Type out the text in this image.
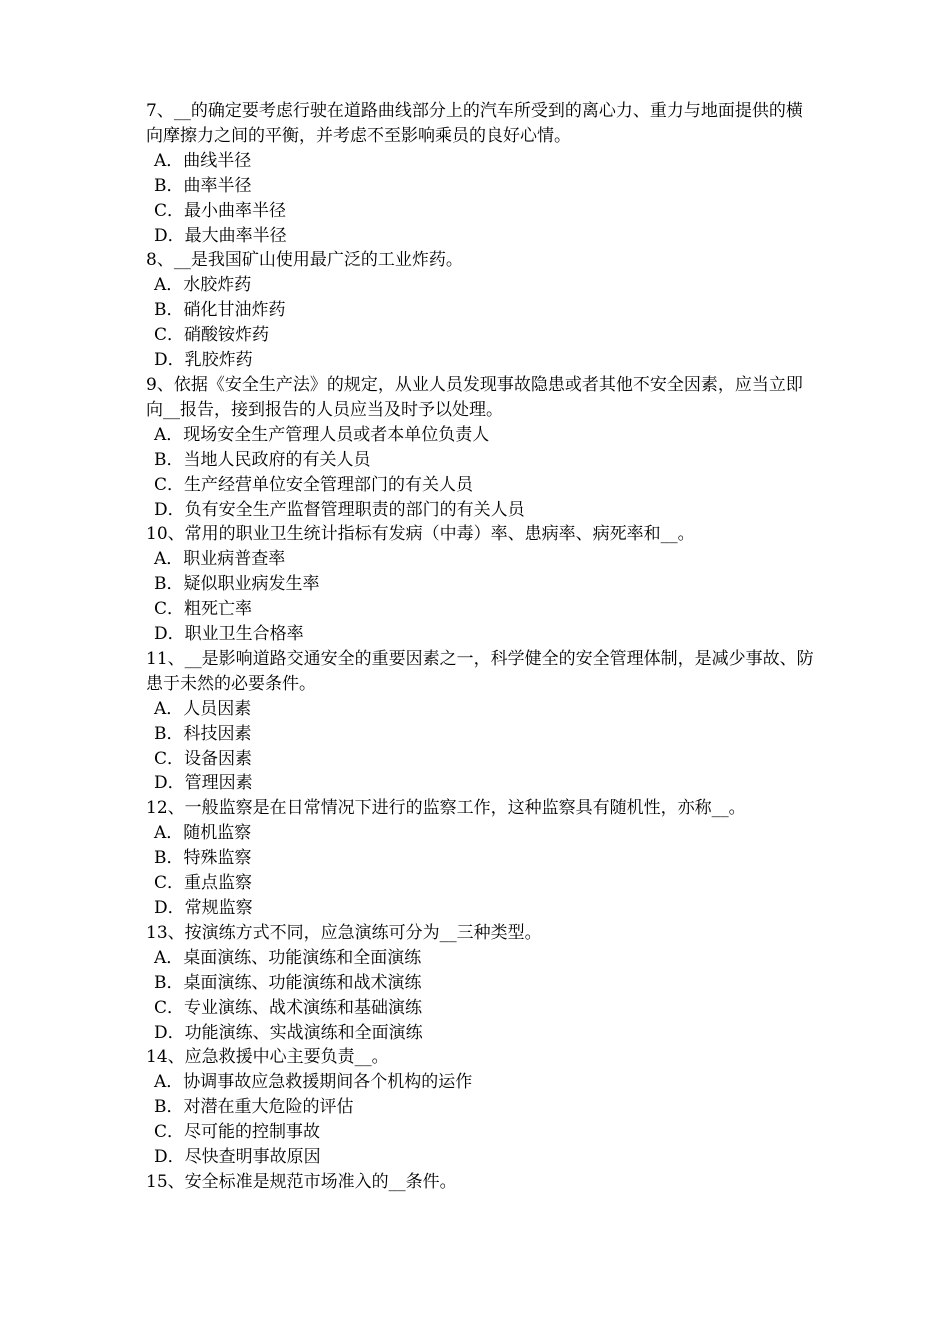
7、__的确定要考虑行驶在道路曲线部分上的汽车所受到的离心力、重力与地面提供的横向摩擦力之间的平衡，并考虑不至影响乘员的良好心情。

A．曲线半径

B．曲率半径

C．最小曲率半径

D．最大曲率半径

8、__是我国矿山使用最广泛的工业炸药。

A．水胶炸药

B．硝化甘油炸药

C．硝酸铵炸药

D．乳胶炸药

9、依据《安全生产法》的规定，从业人员发现事故隐患或者其他不安全因素，应当立即向__报告，接到报告的人员应当及时予以处理。

A．现场安全生产管理人员或者本单位负责人

B．当地人民政府的有关人员

C．生产经营单位安全管理部门的有关人员

D．负有安全生产监督管理职责的部门的有关人员

10、常用的职业卫生统计指标有发病（中毒）率、患病率、病死率和__。

A．职业病普查率

B．疑似职业病发生率

C．粗死亡率

D．职业卫生合格率

11、__是影响道路交通安全的重要因素之一，科学健全的安全管理体制，是减少事故、防患于未然的必要条件。

A．人员因素

B．科技因素

C．设备因素

D．管理因素

12、一般监察是在日常情况下进行的监察工作，这种监察具有随机性，亦称__。

A．随机监察

B．特殊监察

C．重点监察

D．常规监察

13、按演练方式不同，应急演练可分为__三种类型。

A．桌面演练、功能演练和全面演练

B．桌面演练、功能演练和战术演练

C．专业演练、战术演练和基础演练

D．功能演练、实战演练和全面演练

14、应急救援中心主要负责__。

A．协调事故应急救援期间各个机构的运作

B．对潜在重大危险的评估

C．尽可能的控制事故

D．尽快查明事故原因

15、安全标准是规范市场准入的__条件。
